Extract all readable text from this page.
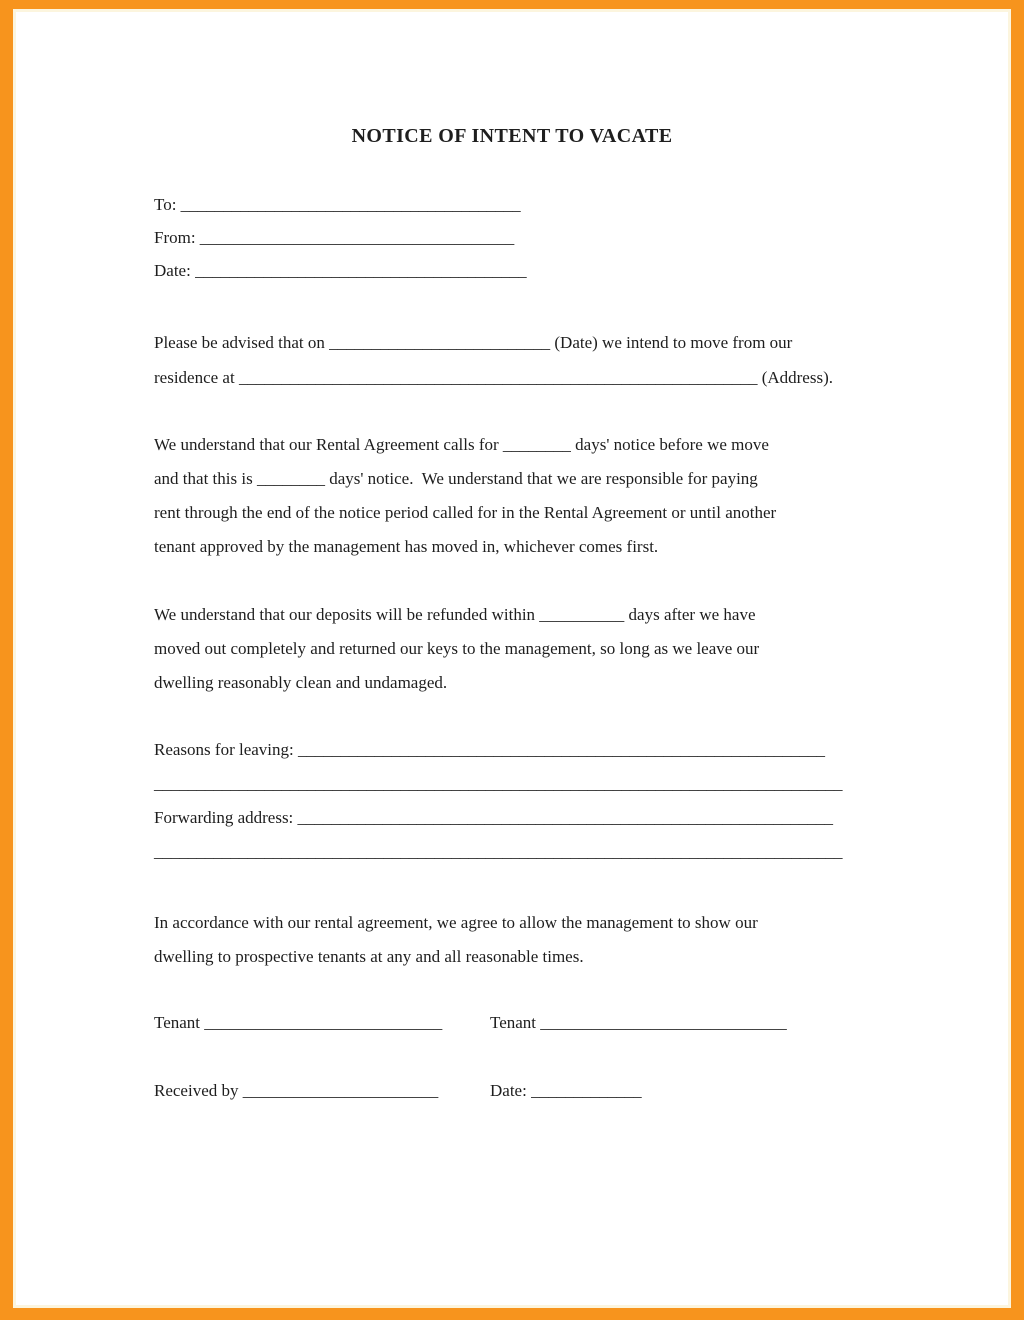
NOTICE OF INTENT TO VACATE
To: ________________________________________
From: _____________________________________
Date: _______________________________________
Please be advised that on __________________________ (Date) we intend to move from our
residence at _____________________________________________________________ (Address).
We understand that our Rental Agreement calls for ________ days' notice before we move
and that this is ________ days' notice.  We understand that we are responsible for paying
rent through the end of the notice period called for in the Rental Agreement or until another
tenant approved by the management has moved in, whichever comes first.
We understand that our deposits will be refunded within __________ days after we have
moved out completely and returned our keys to the management, so long as we leave our
dwelling reasonably clean and undamaged.
Reasons for leaving: ______________________________________________________________
_________________________________________________________________________________
Forwarding address: _______________________________________________________________
_________________________________________________________________________________
In accordance with our rental agreement, we agree to allow the management to show our
dwelling to prospective tenants at any and all reasonable times.
Tenant ____________________________	Tenant _____________________________
Received by _______________________	Date: _____________
